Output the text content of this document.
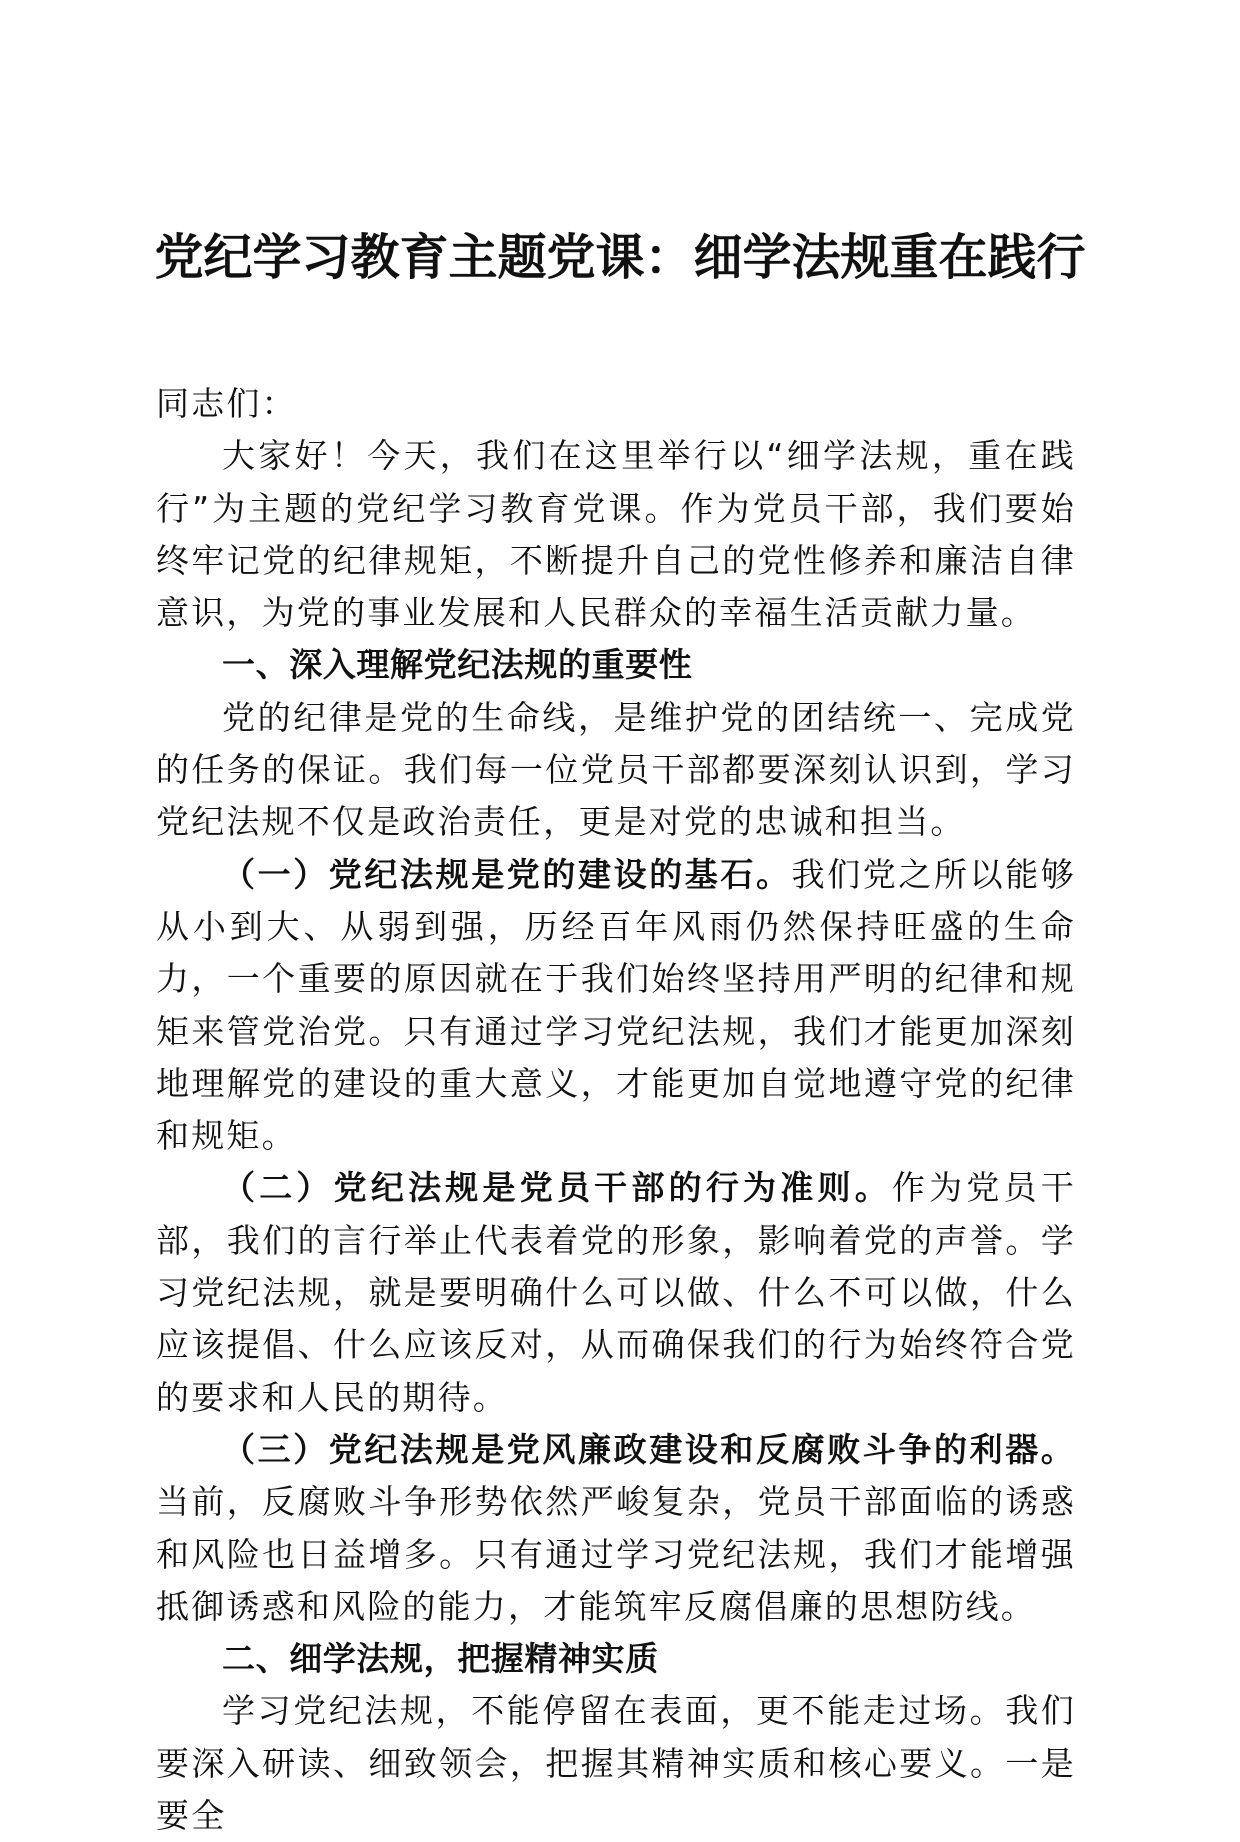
党纪学习教育主题党课：细学法规重在践行

同志们：

大家好！今天，我们在这里举行以“细学法规，重在践行”为主题的党纪学习教育党课。作为党员干部，我们要始终牢记党的纪律规矩，不断提升自己的党性修养和廉洁自律意识，为党的事业发展和人民群众的幸福生活贡献力量。

一、深入理解党纪法规的重要性

党的纪律是党的生命线，是维护党的团结统一、完成党的任务的保证。我们每一位党员干部都要深刻认识到，学习党纪法规不仅是政治责任，更是对党的忠诚和担当。

（一）党纪法规是党的建设的基石。我们党之所以能够从小到大、从弱到强，历经百年风雨仍然保持旺盛的生命力，一个重要的原因就在于我们始终坚持用严明的纪律和规矩来管党治党。只有通过学习党纪法规，我们才能更加深刻地理解党的建设的重大意义，才能更加自觉地遵守党的纪律和规矩。

（二）党纪法规是党员干部的行为准则。作为党员干部，我们的言行举止代表着党的形象，影响着党的声誉。学习党纪法规，就是要明确什么可以做、什么不可以做，什么应该提倡、什么应该反对，从而确保我们的行为始终符合党的要求和人民的期待。

（三）党纪法规是党风廉政建设和反腐败斗争的利器。当前，反腐败斗争形势依然严峻复杂，党员干部面临的诱惑和风险也日益增多。只有通过学习党纪法规，我们才能增强抵御诱惑和风险的能力，才能筑牢反腐倡廉的思想防线。

二、细学法规，把握精神实质

学习党纪法规，不能停留在表面，更不能走过场。我们要深入研读、细致领会，把握其精神实质和核心要义。一是要全
